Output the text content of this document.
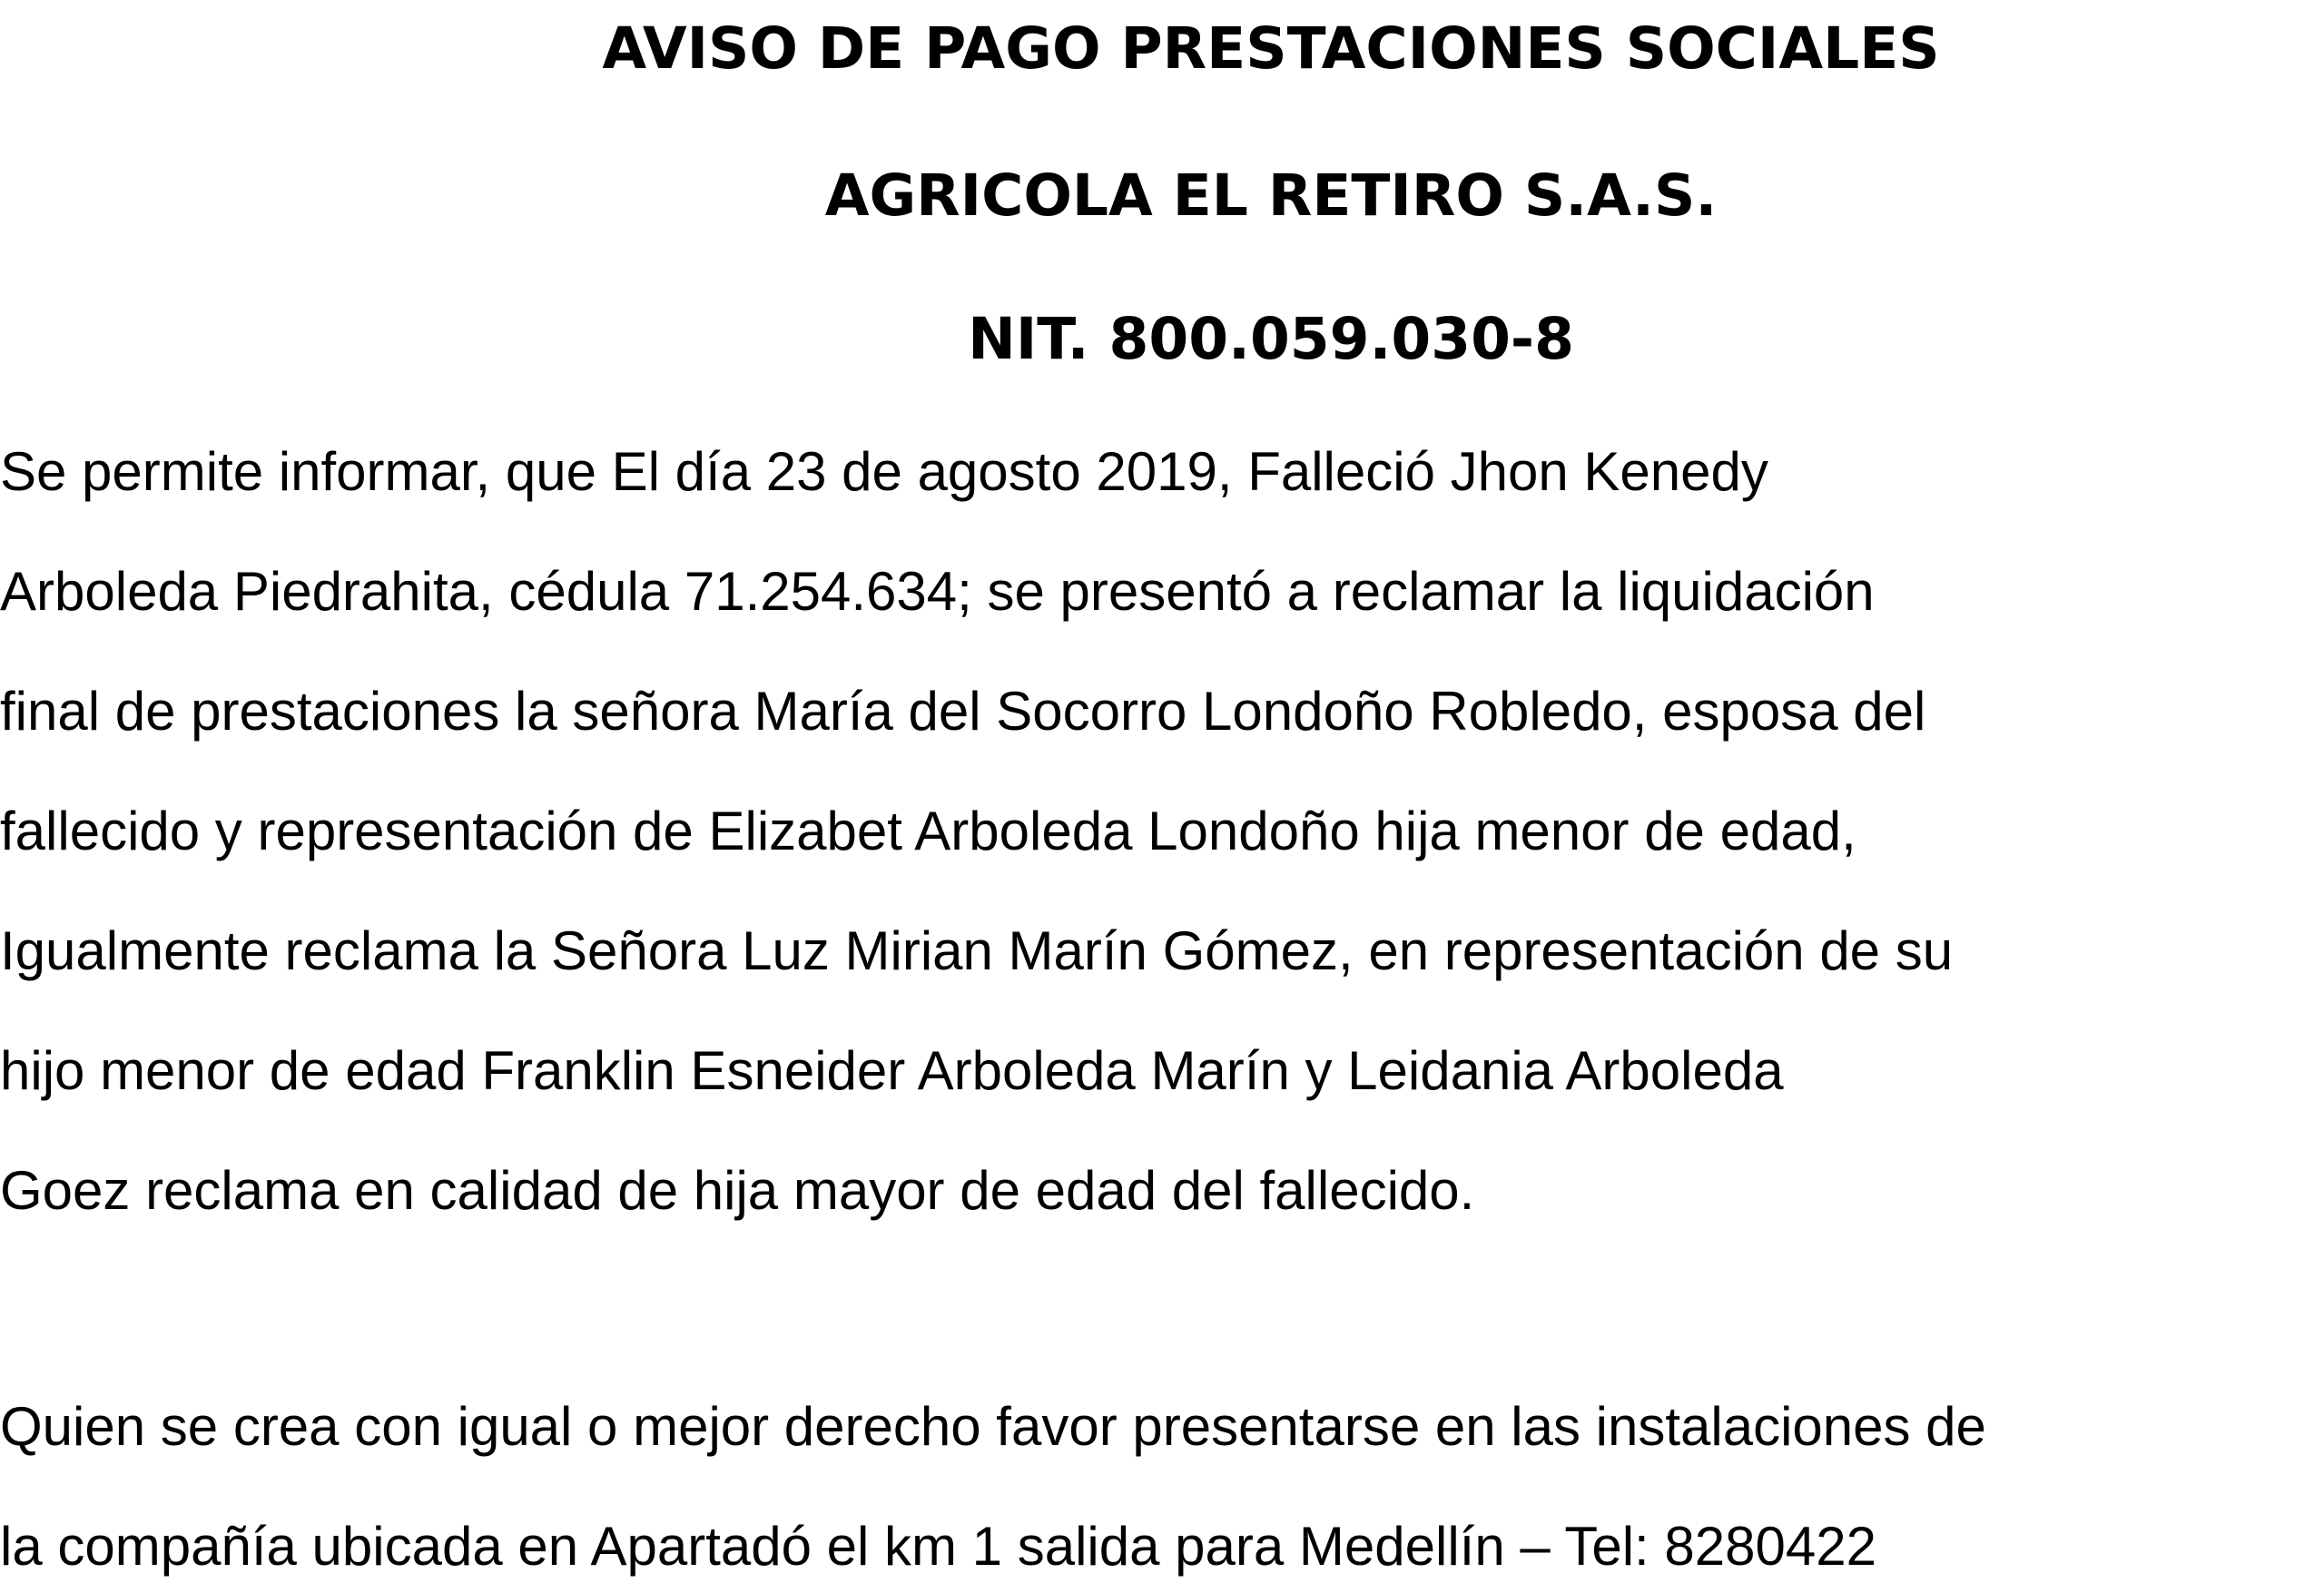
AVISO DE PAGO PRESTACIONES SOCIALES
AGRICOLA EL RETIRO S.A.S.
NIT. 800.059.030-8
Se permite informar, que El día 23 de agosto 2019, Falleció Jhon Kenedy
Arboleda Piedrahita, cédula 71.254.634; se presentó a reclamar la liquidación
final de prestaciones la señora María del Socorro Londoño Robledo, esposa del
fallecido y representación de Elizabet Arboleda Londoño hija menor de edad,
Igualmente reclama la Señora Luz Mirian Marín Gómez, en representación de su
hijo menor de edad Franklin Esneider Arboleda Marín y Leidania Arboleda
Goez reclama en calidad de hija mayor de edad del fallecido.
Quien se crea con igual o mejor derecho favor presentarse en las instalaciones de
la compañía ubicada en Apartadó el km 1 salida para Medellín – Tel: 8280422
